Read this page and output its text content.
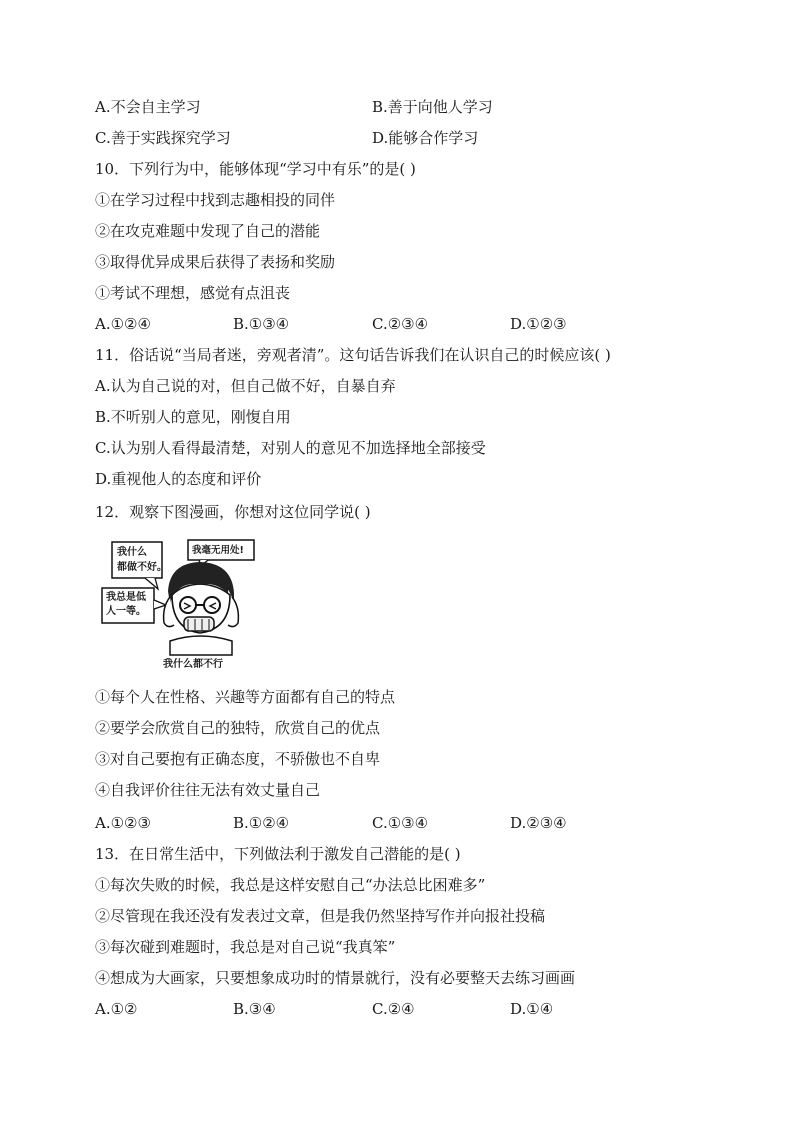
A.不会自主学习	B.善于向他人学习
C.善于实践探究学习	D.能够合作学习
10．下列行为中，能够体现“学习中有乐”的是( )
①在学习过程中找到志趣相投的同伴
②在攻克难题中发现了自己的潜能
③取得优异成果后获得了表扬和奖励
①考试不理想，感觉有点沮丧
A.①②④	B.①③④	C.②③④	D.①②③
11．俗话说“当局者迷，旁观者清”。这句话告诉我们在认识自己的时候应该( )
A.认为自己说的对，但自己做不好，自暴自弃
B.不听别人的意见，刚愎自用
C.认为别人看得最清楚，对别人的意见不加选择地全部接受
D.重视他人的态度和评价
12．观察下图漫画，你想对这位同学说( )
我什么
都做不好。
我毫无用处!
我总是低
人一等。
我什么都不行
①每个人在性格、兴趣等方面都有自己的特点
②要学会欣赏自己的独特，欣赏自己的优点
③对自己要抱有正确态度，不骄傲也不自卑
④自我评价往往无法有效丈量自己
A.①②③	B.①②④	C.①③④	D.②③④
13．在日常生活中，下列做法利于激发自己潜能的是( )
①每次失败的时候，我总是这样安慰自己“办法总比困难多”
②尽管现在我还没有发表过文章，但是我仍然坚持写作并向报社投稿
③每次碰到难题时，我总是对自己说“我真笨”
④想成为大画家，只要想象成功时的情景就行，没有必要整天去练习画画
A.①②	B.③④	C.②④	D.①④
